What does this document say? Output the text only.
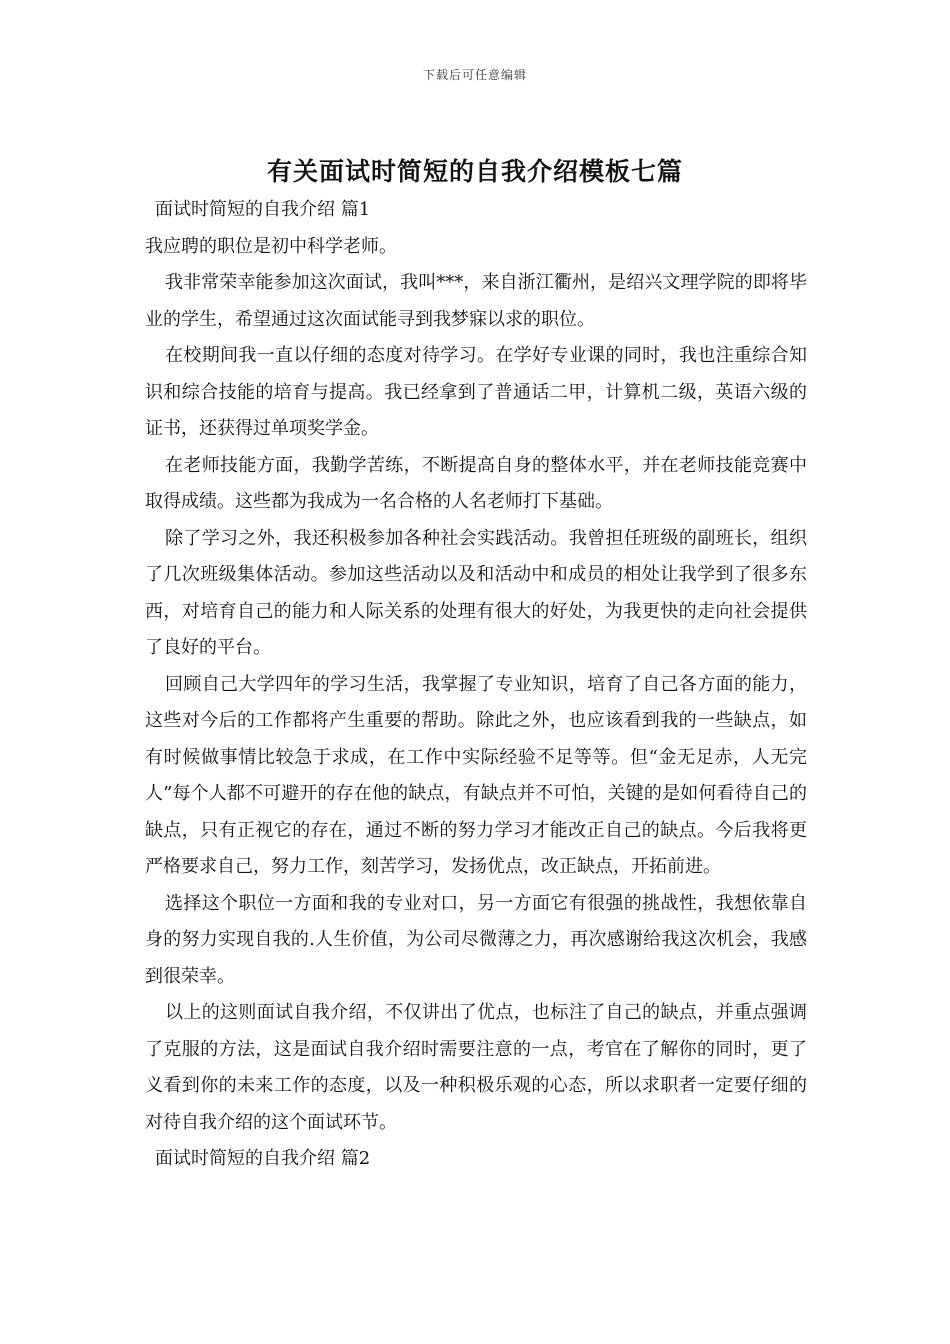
下载后可任意编辑
有关面试时简短的自我介绍模板七篇

面试时简短的自我介绍 篇1

我应聘的职位是初中科学老师。

我非常荣幸能参加这次面试，我叫***，来自浙江衢州，是绍兴文理学院的即将毕业的学生，希望通过这次面试能寻到我梦寐以求的职位。

在校期间我一直以仔细的态度对待学习。在学好专业课的同时，我也注重综合知识和综合技能的培育与提高。我已经拿到了普通话二甲，计算机二级，英语六级的证书，还获得过单项奖学金。

在老师技能方面，我勤学苦练，不断提高自身的整体水平，并在老师技能竞赛中取得成绩。这些都为我成为一名合格的人名老师打下基础。

除了学习之外，我还积极参加各种社会实践活动。我曾担任班级的副班长，组织了几次班级集体活动。参加这些活动以及和活动中和成员的相处让我学到了很多东西，对培育自己的能力和人际关系的处理有很大的好处，为我更快的走向社会提供了良好的平台。

回顾自己大学四年的学习生活，我掌握了专业知识，培育了自己各方面的能力，这些对今后的工作都将产生重要的帮助。除此之外，也应该看到我的一些缺点，如有时候做事情比较急于求成，在工作中实际经验不足等等。但“金无足赤，人无完人”每个人都不可避开的存在他的缺点，有缺点并不可怕，关键的是如何看待自己的缺点，只有正视它的存在，通过不断的努力学习才能改正自己的缺点。今后我将更严格要求自己，努力工作，刻苦学习，发扬优点，改正缺点，开拓前进。

选择这个职位一方面和我的专业对口，另一方面它有很强的挑战性，我想依靠自身的努力实现自我的.人生价值，为公司尽微薄之力，再次感谢给我这次机会，我感到很荣幸。

以上的这则面试自我介绍，不仅讲出了优点，也标注了自己的缺点，并重点强调了克服的方法，这是面试自我介绍时需要注意的一点，考官在了解你的同时，更了义看到你的未来工作的态度，以及一种积极乐观的心态，所以求职者一定要仔细的对待自我介绍的这个面试环节。

面试时简短的自我介绍 篇2
